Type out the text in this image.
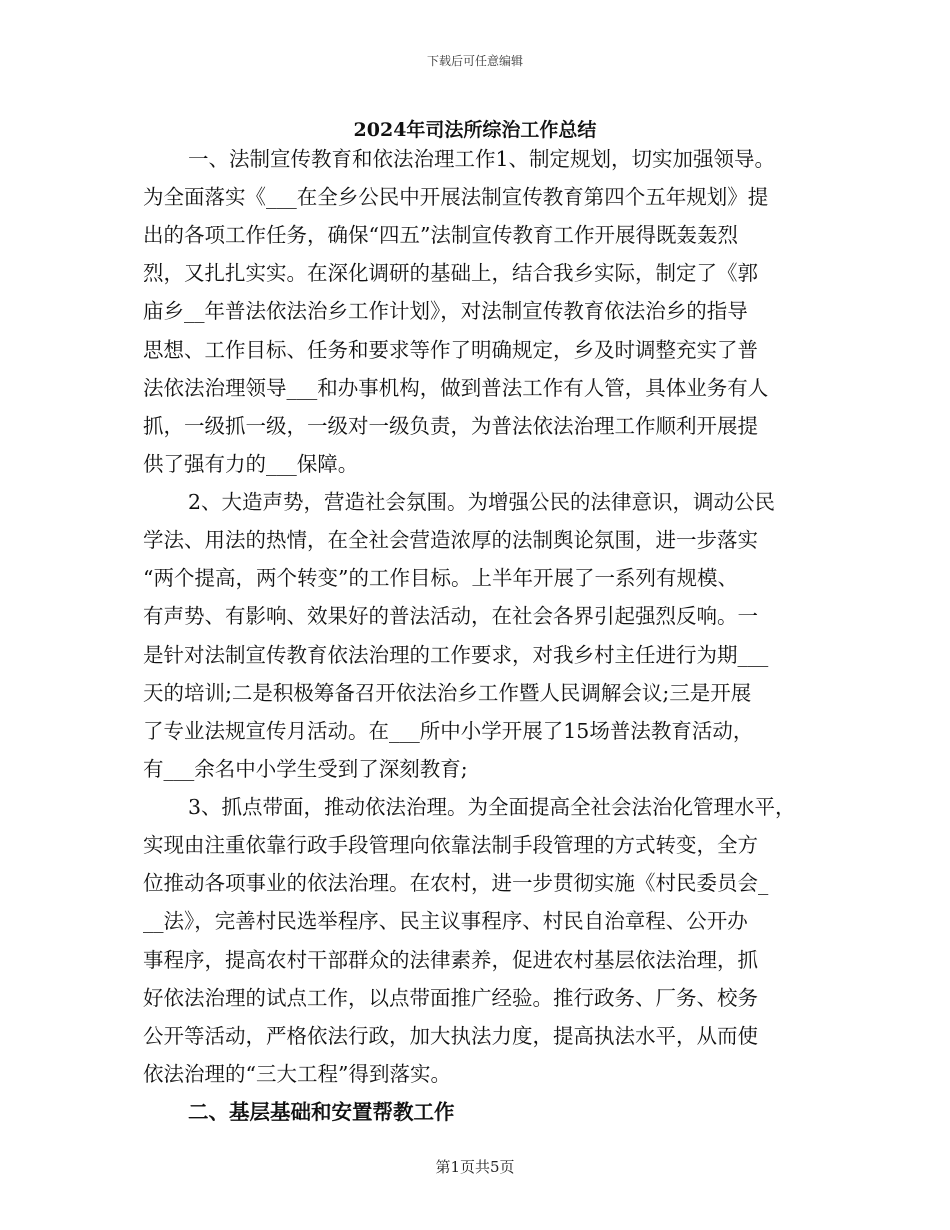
下载后可任意编辑
2024年司法所综治工作总结
一、法制宣传教育和依法治理工作1、制定规划，切实加强领导。
为全面落实《___在全乡公民中开展法制宣传教育第四个五年规划》提
出的各项工作任务，确保“四五”法制宣传教育工作开展得既轰轰烈
烈，又扎扎实实。在深化调研的基础上，结合我乡实际，制定了《郭
庙乡__年普法依法治乡工作计划》，对法制宣传教育依法治乡的指导
思想、工作目标、任务和要求等作了明确规定，乡及时调整充实了普
法依法治理领导___和办事机构，做到普法工作有人管，具体业务有人
抓，一级抓一级，一级对一级负责，为普法依法治理工作顺利开展提
供了强有力的___保障。
2、大造声势，营造社会氛围。为增强公民的法律意识，调动公民
学法、用法的热情，在全社会营造浓厚的法制舆论氛围，进一步落实
“两个提高，两个转变”的工作目标。上半年开展了一系列有规模、
有声势、有影响、效果好的普法活动，在社会各界引起强烈反响。一
是针对法制宣传教育依法治理的工作要求，对我乡村主任进行为期___
天的培训;二是积极筹备召开依法治乡工作暨人民调解会议;三是开展
了专业法规宣传月活动。在___所中小学开展了15场普法教育活动，
有___余名中小学生受到了深刻教育;
3、抓点带面，推动依法治理。为全面提高全社会法治化管理水平，
实现由注重依靠行政手段管理向依靠法制手段管理的方式转变，全方
位推动各项事业的依法治理。在农村，进一步贯彻实施《村民委员会_
__法》，完善村民选举程序、民主议事程序、村民自治章程、公开办
事程序，提高农村干部群众的法律素养，促进农村基层依法治理，抓
好依法治理的试点工作，以点带面推广经验。推行政务、厂务、校务
公开等活动，严格依法行政，加大执法力度，提高执法水平，从而使
依法治理的“三大工程”得到落实。
二、基层基础和安置帮教工作
第1页共5页
